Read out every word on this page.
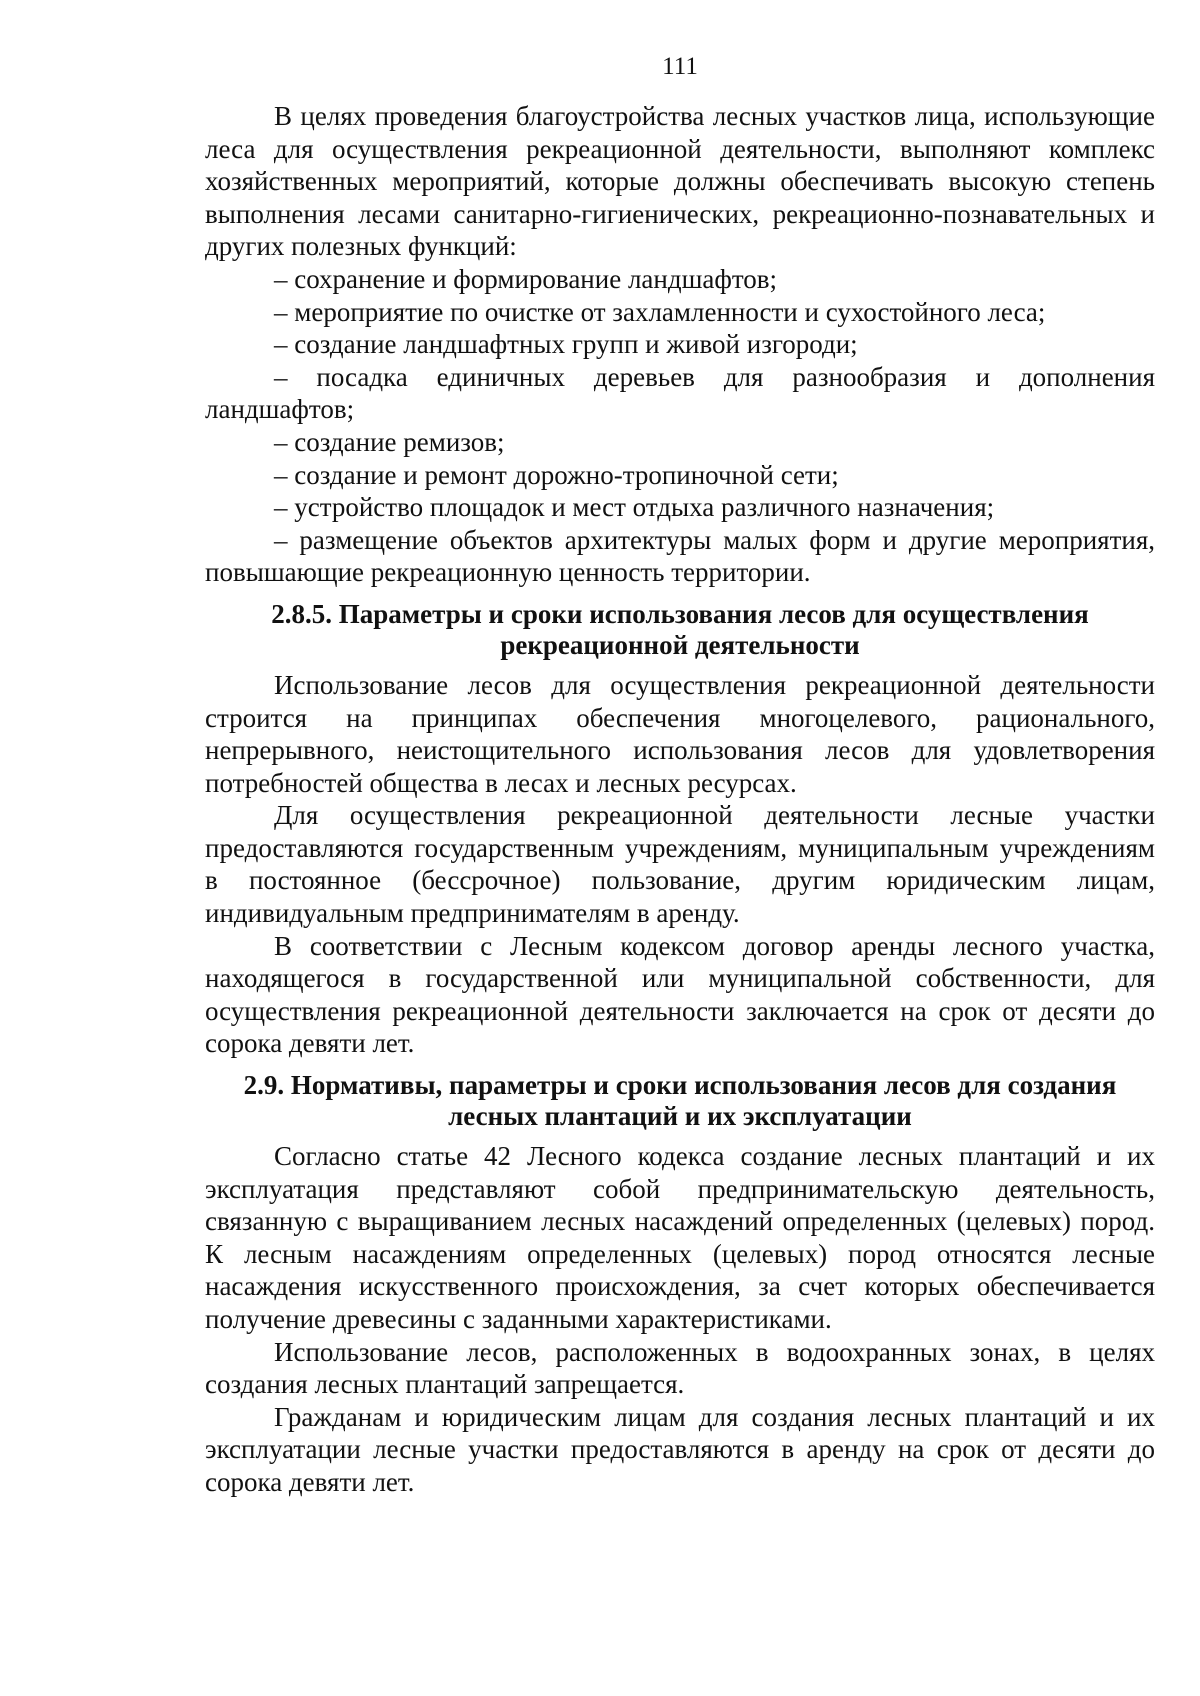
111

В целях проведения благоустройства лесных участков лица, использующие леса для осуществления рекреационной деятельности, выполняют комплекс хозяйственных мероприятий, которые должны обеспечивать высокую степень выполнения лесами санитарно-гигиенических, рекреационно-познавательных и других полезных функций:

– сохранение и формирование ландшафтов;

– мероприятие по очистке от захламленности и сухостойного леса;

– создание ландшафтных групп и живой изгороди;

– посадка единичных деревьев для разнообразия и дополнения ландшафтов;

– создание ремизов;

– создание и ремонт дорожно-тропиночной сети;

– устройство площадок и мест отдыха различного назначения;

– размещение объектов архитектуры малых форм и другие мероприятия, повышающие рекреационную ценность территории.

2.8.5. Параметры и сроки использования лесов для осуществления
рекреационной деятельности

Использование лесов для осуществления рекреационной деятельности строится на принципах обеспечения многоцелевого, рационального, непрерывного, неистощительного использования лесов для удовлетворения потребностей общества в лесах и лесных ресурсах.

Для осуществления рекреационной деятельности лесные участки предоставляются государственным учреждениям, муниципальным учреждениям в постоянное (бессрочное) пользование, другим юридическим лицам, индивидуальным предпринимателям в аренду.

В соответствии с Лесным кодексом договор аренды лесного участка, находящегося в государственной или муниципальной собственности, для осуществления рекреационной деятельности заключается на срок от десяти до сорока девяти лет.

2.9. Нормативы, параметры и сроки использования лесов для создания
лесных плантаций и их эксплуатации

Согласно статье 42 Лесного кодекса создание лесных плантаций и их эксплуатация представляют собой предпринимательскую деятельность, связанную с выращиванием лесных насаждений определенных (целевых) пород. К лесным насаждениям определенных (целевых) пород относятся лесные насаждения искусственного происхождения, за счет которых обеспечивается получение древесины с заданными характеристиками.

Использование лесов, расположенных в водоохранных зонах, в целях создания лесных плантаций запрещается.

Гражданам и юридическим лицам для создания лесных плантаций и их эксплуатации лесные участки предоставляются в аренду на срок от десяти до сорока девяти лет.
